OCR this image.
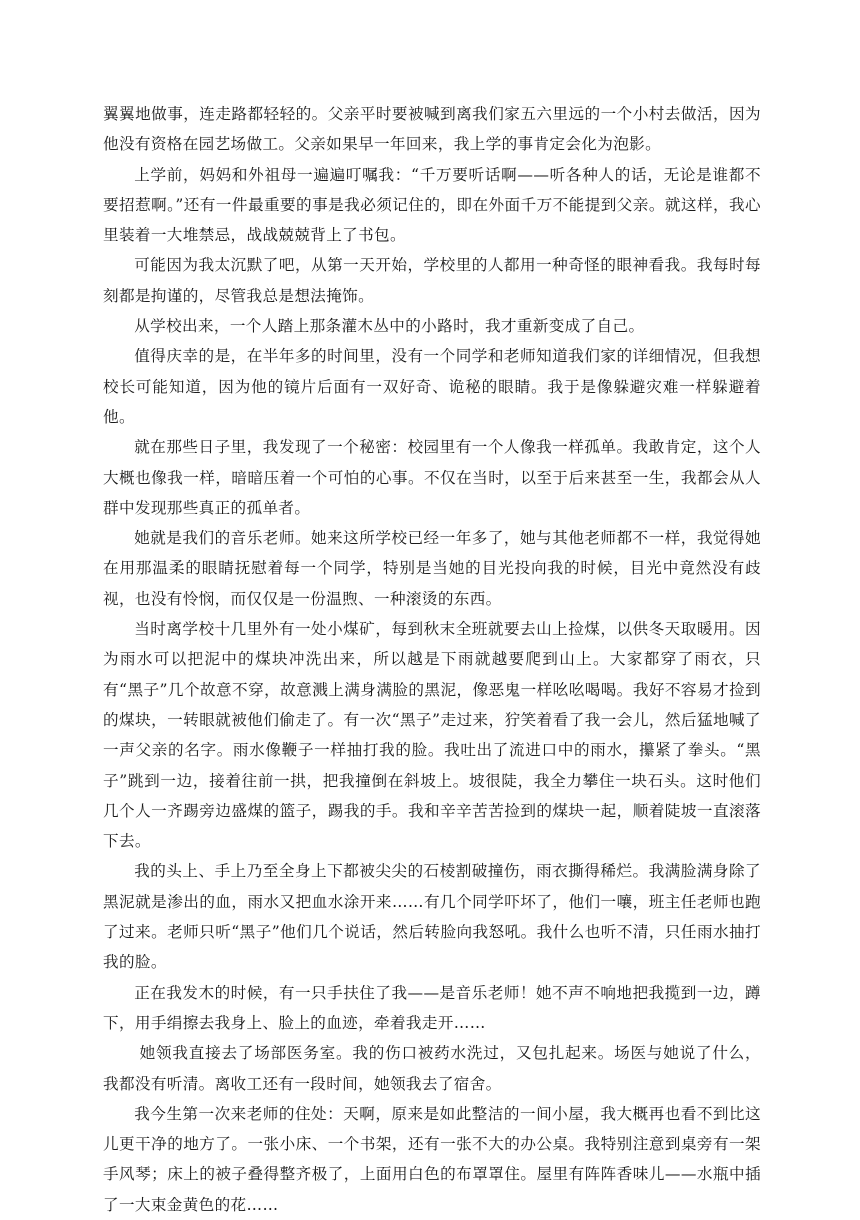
翼翼地做事，连走路都轻轻的。父亲平时要被喊到离我们家五六里远的一个小村去做活，因为他没有资格在园艺场做工。父亲如果早一年回来，我上学的事肯定会化为泡影。

上学前，妈妈和外祖母一遍遍叮嘱我：“千万要听话啊——听各种人的话，无论是谁都不要招惹啊。”还有一件最重要的事是我必须记住的，即在外面千万不能提到父亲。就这样，我心里装着一大堆禁忌，战战兢兢背上了书包。

可能因为我太沉默了吧，从第一天开始，学校里的人都用一种奇怪的眼神看我。我每时每刻都是拘谨的，尽管我总是想法掩饰。

从学校出来，一个人踏上那条灌木丛中的小路时，我才重新变成了自己。

值得庆幸的是，在半年多的时间里，没有一个同学和老师知道我们家的详细情况，但我想校长可能知道，因为他的镜片后面有一双好奇、诡秘的眼睛。我于是像躲避灾难一样躲避着他。

就在那些日子里，我发现了一个秘密：校园里有一个人像我一样孤单。我敢肯定，这个人大概也像我一样，暗暗压着一个可怕的心事。不仅在当时，以至于后来甚至一生，我都会从人群中发现那些真正的孤单者。

她就是我们的音乐老师。她来这所学校已经一年多了，她与其他老师都不一样，我觉得她在用那温柔的眼睛抚慰着每一个同学，特别是当她的目光投向我的时候，目光中竟然没有歧视，也没有怜悯，而仅仅是一份温煦、一种滚烫的东西。

当时离学校十几里外有一处小煤矿，每到秋末全班就要去山上捡煤，以供冬天取暖用。因为雨水可以把泥中的煤块冲洗出来，所以越是下雨就越要爬到山上。大家都穿了雨衣，只有“黑子”几个故意不穿，故意溅上满身满脸的黑泥，像恶鬼一样吆吆喝喝。我好不容易才捡到的煤块，一转眼就被他们偷走了。有一次“黑子”走过来，狞笑着看了我一会儿，然后猛地喊了一声父亲的名字。雨水像鞭子一样抽打我的脸。我吐出了流进口中的雨水，攥紧了拳头。“黑子”跳到一边，接着往前一拱，把我撞倒在斜坡上。坡很陡，我全力攀住一块石头。这时他们几个人一齐踢旁边盛煤的篮子，踢我的手。我和辛辛苦苦捡到的煤块一起，顺着陡坡一直滚落下去。

我的头上、手上乃至全身上下都被尖尖的石棱割破撞伤，雨衣撕得稀烂。我满脸满身除了黑泥就是渗出的血，雨水又把血水涂开来……有几个同学吓坏了，他们一嚷，班主任老师也跑了过来。老师只听“黑子”他们几个说话，然后转脸向我怒吼。我什么也听不清，只任雨水抽打我的脸。

正在我发木的时候，有一只手扶住了我——是音乐老师！她不声不响地把我揽到一边，蹲下，用手绢擦去我身上、脸上的血迹，牵着我走开……

她领我直接去了场部医务室。我的伤口被药水洗过，又包扎起来。场医与她说了什么，我都没有听清。离收工还有一段时间，她领我去了宿舍。

我今生第一次来老师的住处：天啊，原来是如此整洁的一间小屋，我大概再也看不到比这儿更干净的地方了。一张小床、一个书架，还有一张不大的办公桌。我特别注意到桌旁有一架手风琴；床上的被子叠得整齐极了，上面用白色的布罩罩住。屋里有阵阵香味儿——水瓶中插了一大束金黄色的花……
